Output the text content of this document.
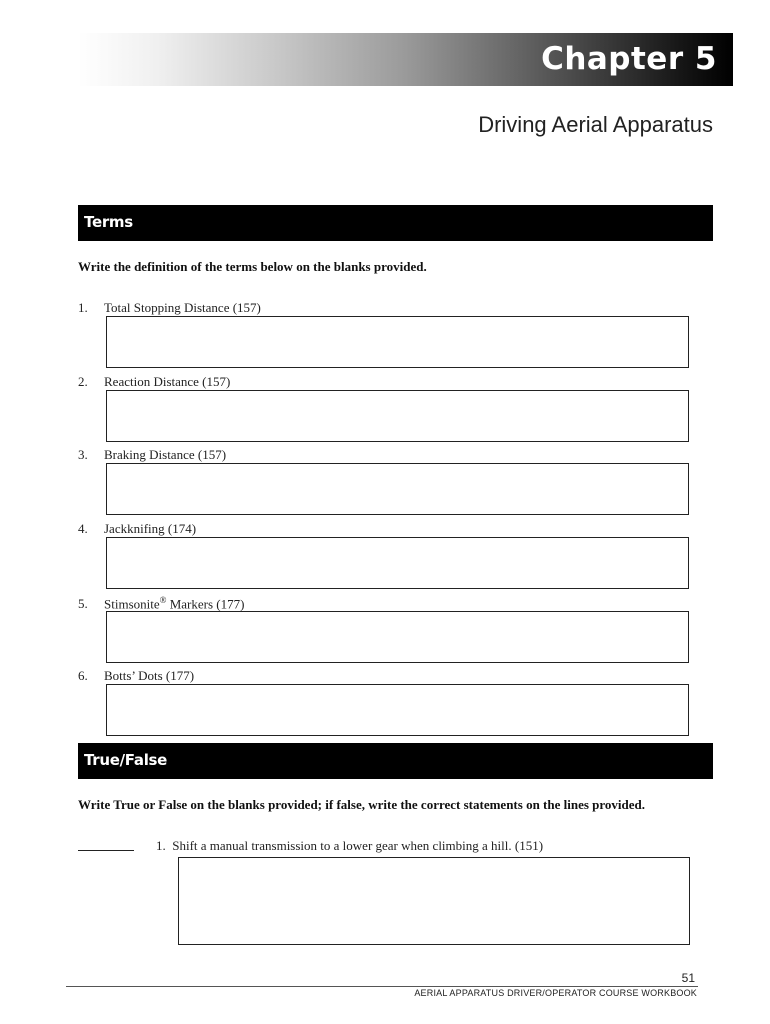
Chapter 5
Driving Aerial Apparatus
Terms
Write the definition of the terms below on the blanks provided.
1. Total Stopping Distance (157)
2. Reaction Distance (157)
3. Braking Distance (157)
4. Jackknifing (174)
5. Stimsonite® Markers (177)
6. Botts’ Dots (177)
True/False
Write True or False on the blanks provided; if false, write the correct statements on the lines provided.
1. Shift a manual transmission to a lower gear when climbing a hill. (151)
51
AERIAL APPARATUS DRIVER/OPERATOR COURSE WORKBOOK
